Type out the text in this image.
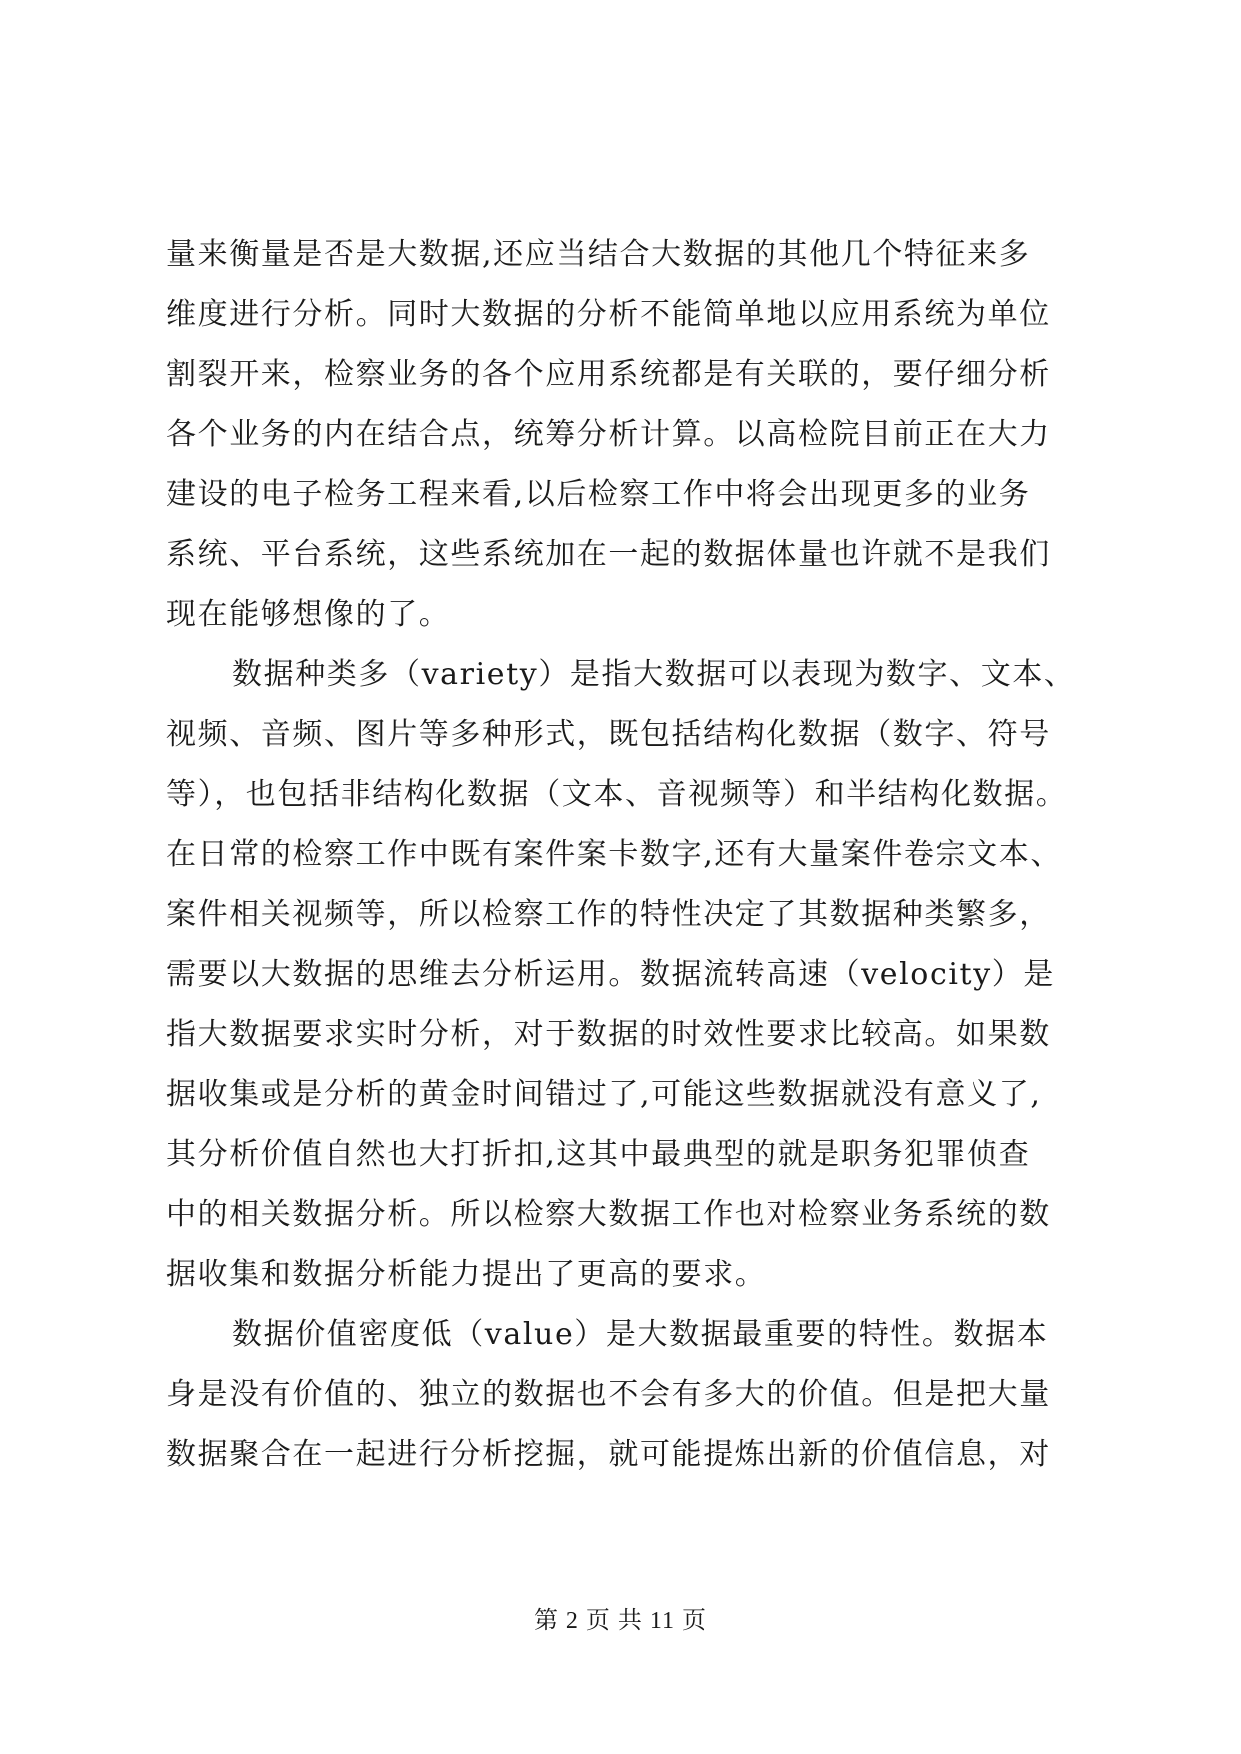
量来衡量是否是大数据,还应当结合大数据的其他几个特征来多
维度进行分析。同时大数据的分析不能简单地以应用系统为单位
割裂开来，检察业务的各个应用系统都是有关联的，要仔细分析
各个业务的内在结合点，统筹分析计算。以高检院目前正在大力
建设的电子检务工程来看,以后检察工作中将会出现更多的业务
系统、平台系统，这些系统加在一起的数据体量也许就不是我们
现在能够想像的了。
数据种类多（variety）是指大数据可以表现为数字、文本、
视频、音频、图片等多种形式，既包括结构化数据（数字、符号
等），也包括非结构化数据（文本、音视频等）和半结构化数据。
在日常的检察工作中既有案件案卡数字,还有大量案件卷宗文本、
案件相关视频等，所以检察工作的特性决定了其数据种类繁多，
需要以大数据的思维去分析运用。数据流转高速（velocity）是
指大数据要求实时分析，对于数据的时效性要求比较高。如果数
据收集或是分析的黄金时间错过了,可能这些数据就没有意义了,
其分析价值自然也大打折扣,这其中最典型的就是职务犯罪侦查
中的相关数据分析。所以检察大数据工作也对检察业务系统的数
据收集和数据分析能力提出了更高的要求。
数据价值密度低（value）是大数据最重要的特性。数据本
身是没有价值的、独立的数据也不会有多大的价值。但是把大量
数据聚合在一起进行分析挖掘，就可能提炼出新的价值信息，对
第 2 页 共 11 页
